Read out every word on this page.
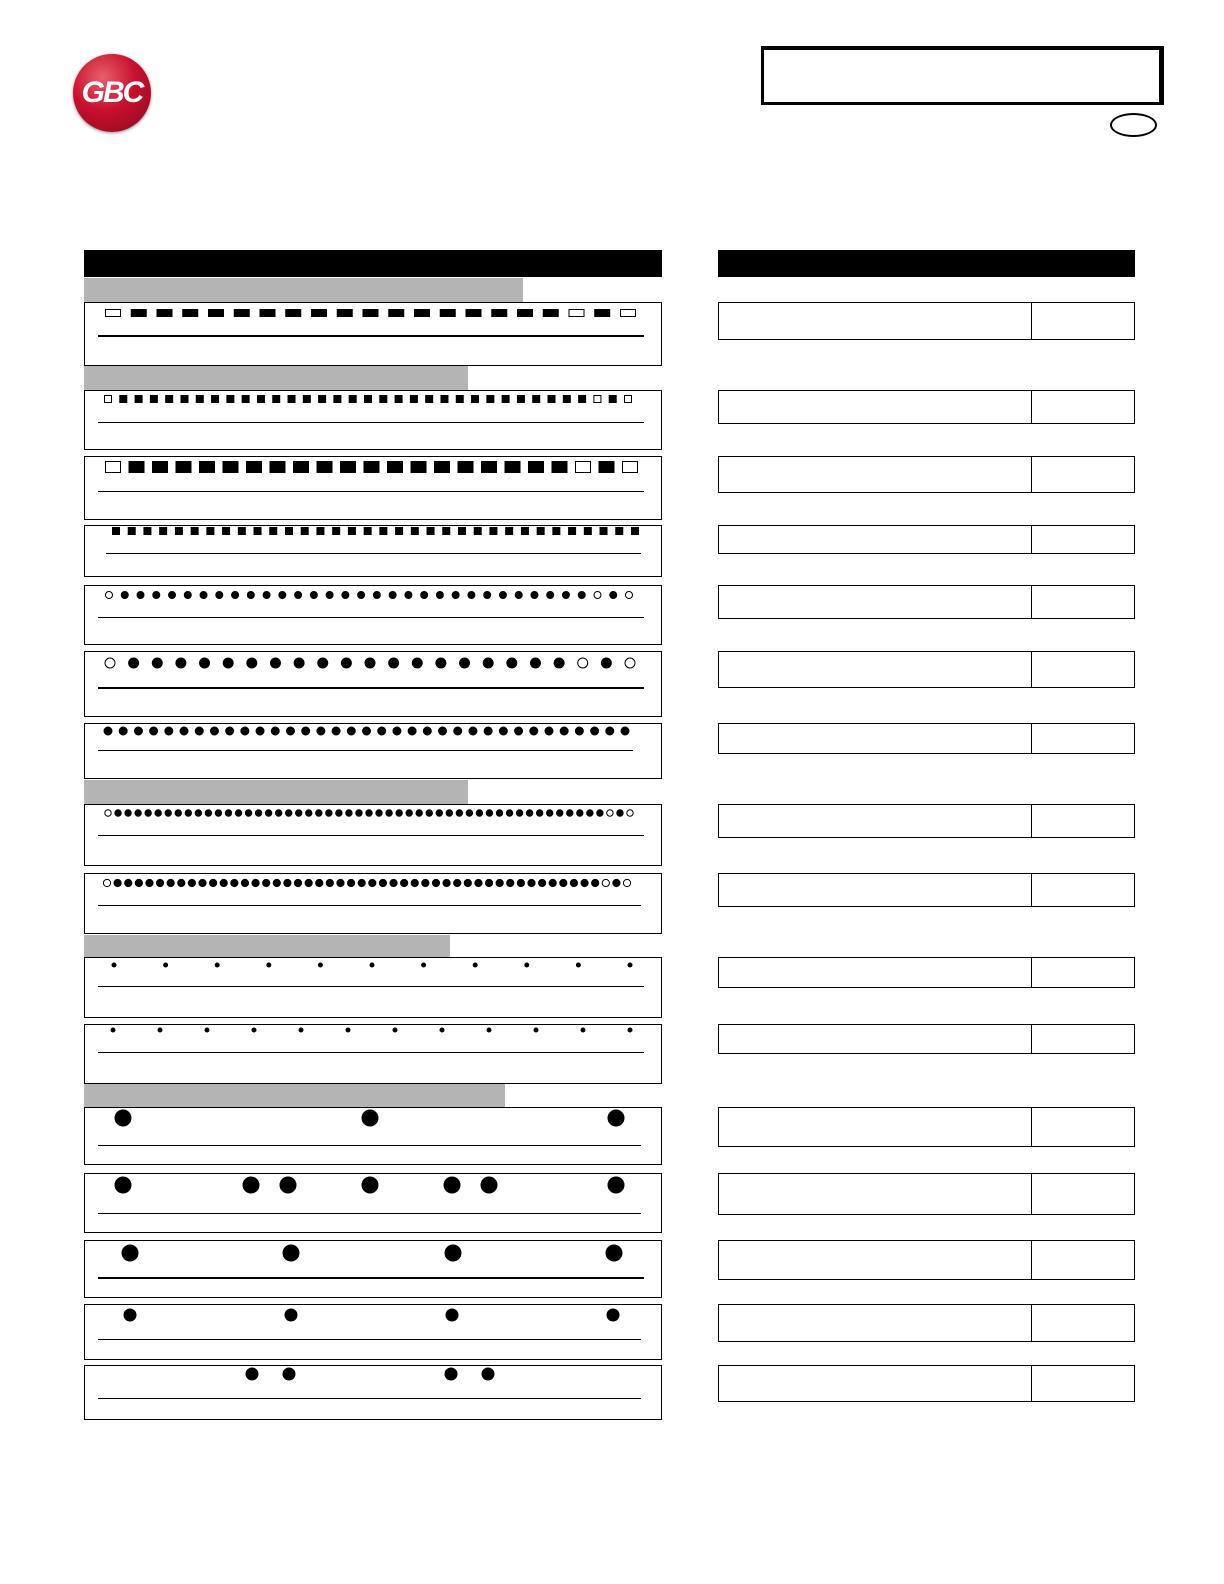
GBC
